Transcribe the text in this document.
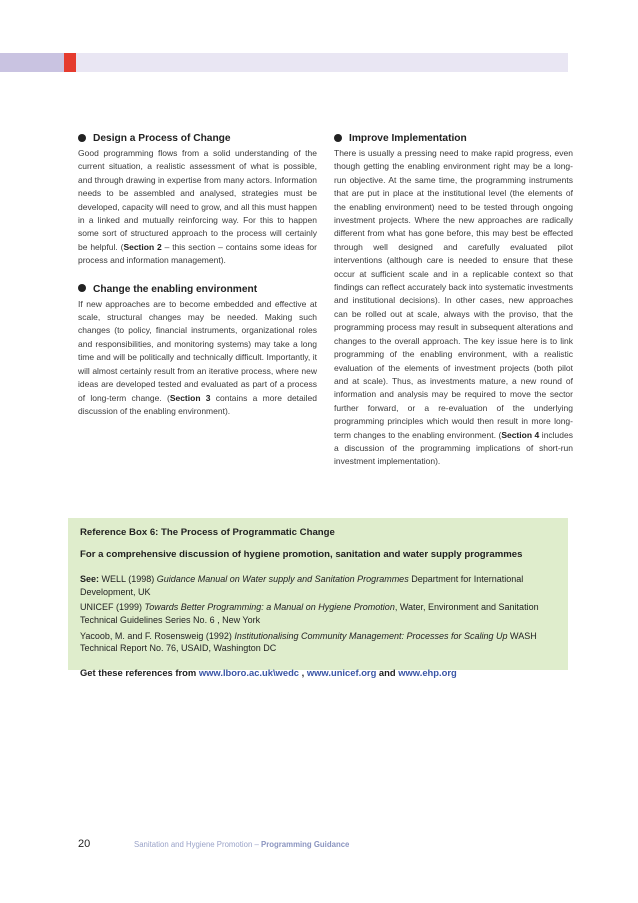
Design a Process of Change

Good programming flows from a solid understanding of the current situation, a realistic assessment of what is possible, and through drawing in expertise from many actors. Information needs to be assembled and analysed, strategies must be developed, capacity will need to grow, and all this must happen in a linked and mutually reinforcing way. For this to happen some sort of structured approach to the process will certainly be helpful. (Section 2 – this section – contains some ideas for process and information management).

Change the enabling environment

If new approaches are to become embedded and effective at scale, structural changes may be needed. Making such changes (to policy, financial instruments, organizational roles and responsibilities, and monitoring systems) may take a long time and will be politically and technically difficult. Importantly, it will almost certainly result from an iterative process, where new ideas are developed tested and evaluated as part of a process of long-term change. (Section 3 contains a more detailed discussion of the enabling environment).

Improve Implementation

There is usually a pressing need to make rapid progress, even though getting the enabling environment right may be a long-run objective. At the same time, the programming instruments that are put in place at the institutional level (the elements of the enabling environment) need to be tested through ongoing investment projects. Where the new approaches are radically different from what has gone before, this may best be effected through well designed and carefully evaluated pilot interventions (although care is needed to ensure that these occur at sufficient scale and in a replicable context so that findings can reflect accurately back into systematic investments and institutional decisions). In other cases, new approaches can be rolled out at scale, always with the proviso, that the programming process may result in subsequent alterations and changes to the overall approach. The key issue here is to link programming of the enabling environment, with a realistic evaluation of the elements of investment projects (both pilot and at scale). Thus, as investments mature, a new round of information and analysis may be required to move the sector further forward, or a re-evaluation of the underlying programming principles which would then result in more long-term changes to the enabling environment. (Section 4 includes a discussion of the programming implications of short-run investment implementation).

Reference Box 6: The Process of Programmatic Change
For a comprehensive discussion of hygiene promotion, sanitation and water supply programmes

See: WELL (1998) Guidance Manual on Water supply and Sanitation Programmes Department for International Development, UK

UNICEF (1999) Towards Better Programming: a Manual on Hygiene Promotion, Water, Environment and Sanitation Technical Guidelines Series No. 6 , New York

Yacoob, M. and F. Rosensweig (1992) Institutionalising Community Management: Processes for Scaling Up WASH Technical Report No. 76, USAID, Washington DC

Get these references from www.lboro.ac.uk\wedc , www.unicef.org and www.ehp.org
20	Sanitation and Hygiene Promotion – Programming Guidance
